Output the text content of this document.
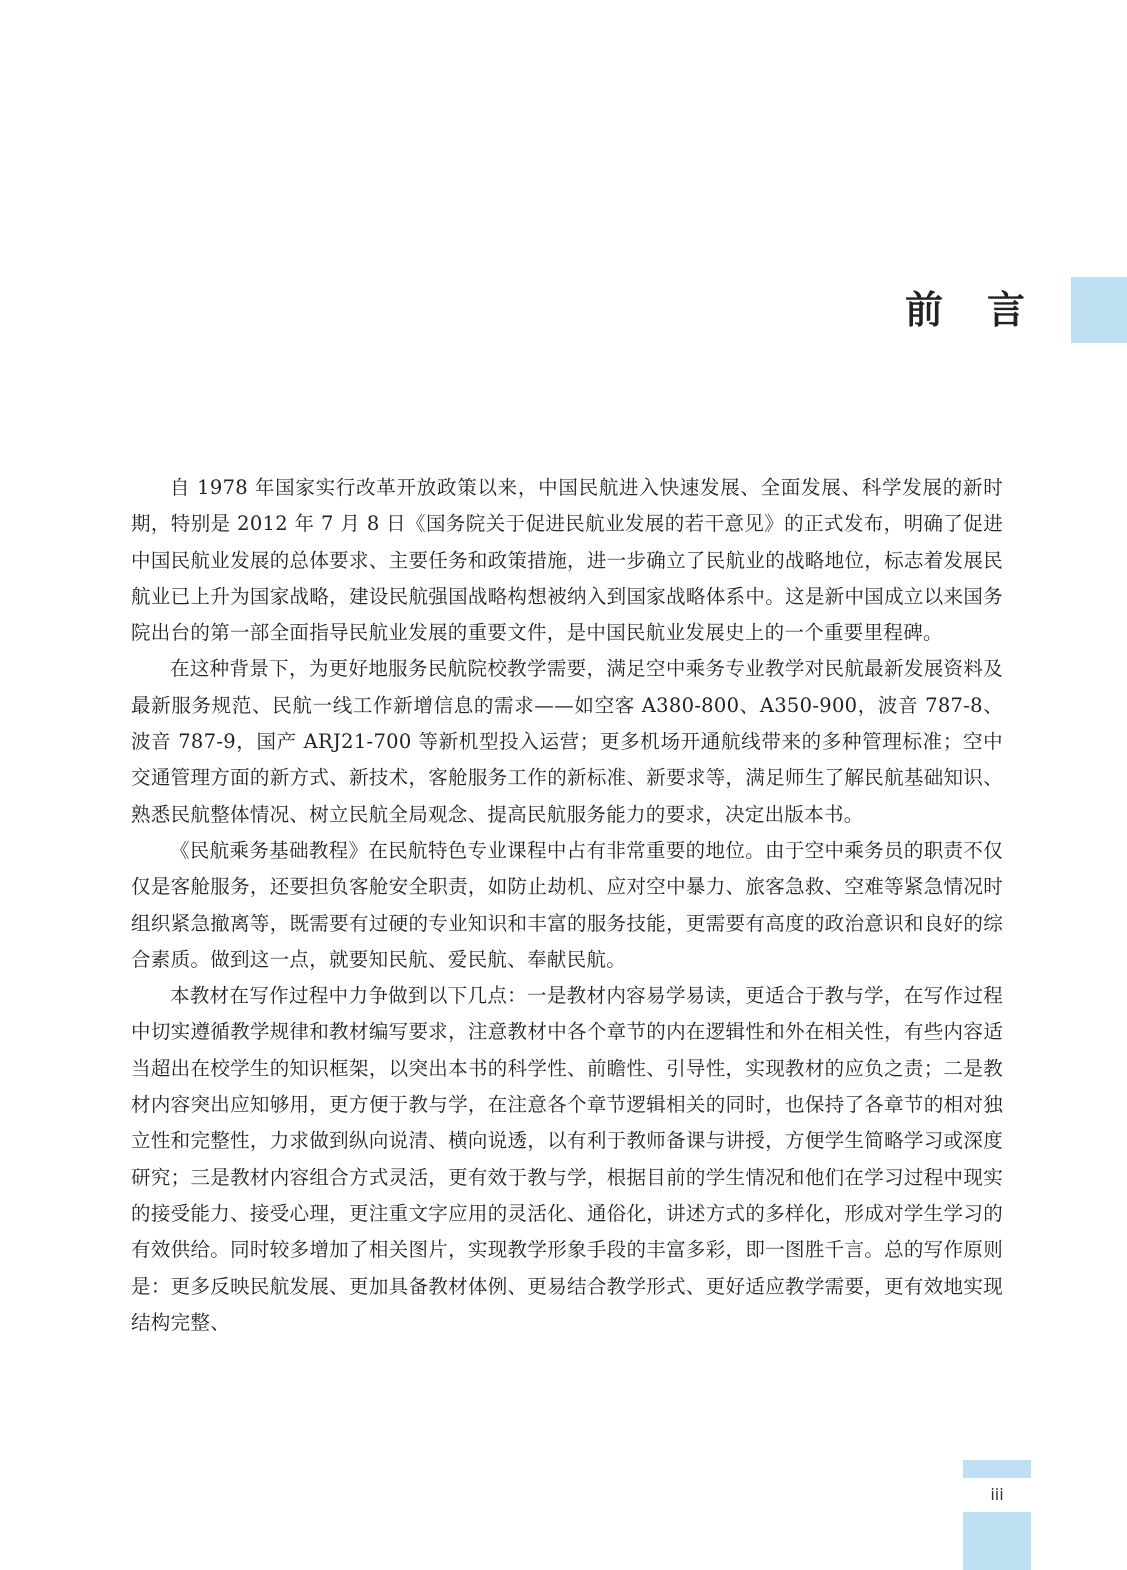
前言

自 1978 年国家实行改革开放政策以来，中国民航进入快速发展、全面发展、科学发展的新时期，特别是 2012 年 7 月 8 日《国务院关于促进民航业发展的若干意见》的正式发布，明确了促进中国民航业发展的总体要求、主要任务和政策措施，进一步确立了民航业的战略地位，标志着发展民航业已上升为国家战略，建设民航强国战略构想被纳入到国家战略体系中。这是新中国成立以来国务院出台的第一部全面指导民航业发展的重要文件，是中国民航业发展史上的一个重要里程碑。

在这种背景下，为更好地服务民航院校教学需要，满足空中乘务专业教学对民航最新发展资料及最新服务规范、民航一线工作新增信息的需求——如空客 A380-800、A350-900，波音 787-8、波音 787-9，国产 ARJ21-700 等新机型投入运营；更多机场开通航线带来的多种管理标准；空中交通管理方面的新方式、新技术，客舱服务工作的新标准、新要求等，满足师生了解民航基础知识、熟悉民航整体情况、树立民航全局观念、提高民航服务能力的要求，决定出版本书。

《民航乘务基础教程》在民航特色专业课程中占有非常重要的地位。由于空中乘务员的职责不仅仅是客舱服务，还要担负客舱安全职责，如防止劫机、应对空中暴力、旅客急救、空难等紧急情况时组织紧急撤离等，既需要有过硬的专业知识和丰富的服务技能，更需要有高度的政治意识和良好的综合素质。做到这一点，就要知民航、爱民航、奉献民航。

本教材在写作过程中力争做到以下几点：一是教材内容易学易读，更适合于教与学，在写作过程中切实遵循教学规律和教材编写要求，注意教材中各个章节的内在逻辑性和外在相关性，有些内容适当超出在校学生的知识框架，以突出本书的科学性、前瞻性、引导性，实现教材的应负之责；二是教材内容突出应知够用，更方便于教与学，在注意各个章节逻辑相关的同时，也保持了各章节的相对独立性和完整性，力求做到纵向说清、横向说透，以有利于教师备课与讲授，方便学生简略学习或深度研究；三是教材内容组合方式灵活，更有效于教与学，根据目前的学生情况和他们在学习过程中现实的接受能力、接受心理，更注重文字应用的灵活化、通俗化，讲述方式的多样化，形成对学生学习的有效供给。同时较多增加了相关图片，实现教学形象手段的丰富多彩，即一图胜千言。总的写作原则是：更多反映民航发展、更加具备教材体例、更易结合教学形式、更好适应教学需要，更有效地实现结构完整、

iii
